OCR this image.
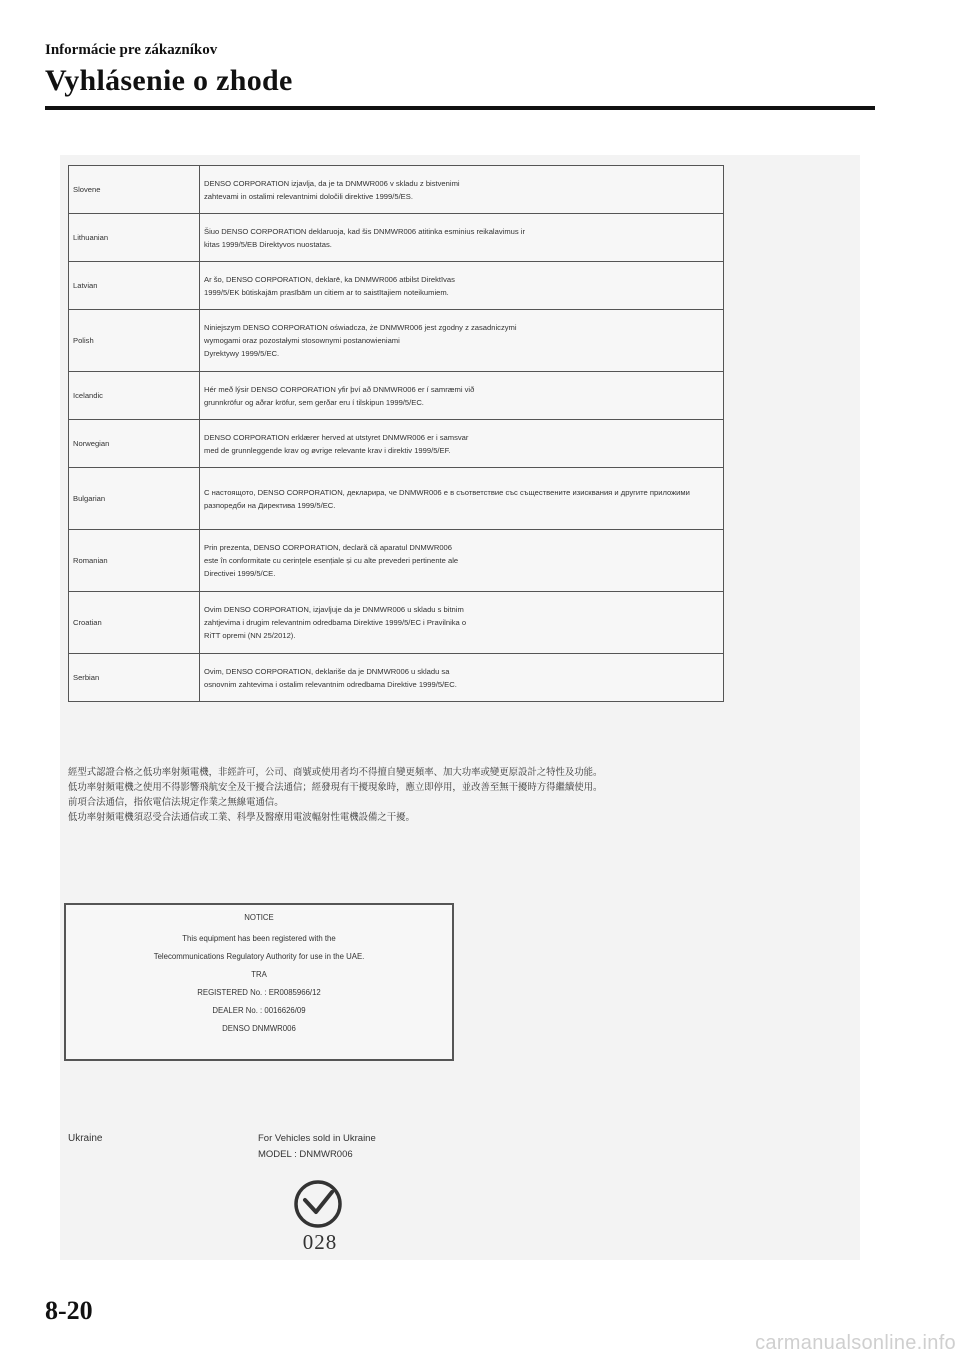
Informácie pre zákazníkov
Vyhlásenie o zhode
Slovene	DENSO CORPORATION izjavlja, da je ta DNMWR006 v skladu z bistvenimi
zahtevami in ostalimi relevantnimi določili direktive 1999/5/ES.

Lithuanian	Šiuo DENSO CORPORATION deklaruoja, kad šis DNMWR006 atitinka esminius reikalavimus ir
kitas 1999/5/EB Direktyvos nuostatas.

Latvian	Ar šo, DENSO CORPORATION, deklarē, ka DNMWR006 atbilst Direktīvas
1999/5/EK būtiskajām prasībām un citiem ar to saistītajiem noteikumiem.

Polish	Niniejszym DENSO CORPORATION oświadcza, że DNMWR006 jest zgodny z zasadniczymi
wymogami oraz pozostałymi stosownymi postanowieniami
Dyrektywy 1999/5/EC.

Icelandic	Hér með lýsir DENSO CORPORATION yfir því að DNMWR006 er í samræmi við
grunnkröfur og aðrar kröfur, sem gerðar eru í tilskipun 1999/5/EC.

Norwegian	DENSO CORPORATION erklærer herved at utstyret DNMWR006 er i samsvar
med de grunnleggende krav og øvrige relevante krav i direktiv 1999/5/EF.

Bulgarian	С настоящото, DENSO CORPORATION, декларира, че DNMWR006 е в съответствие със съществените изисквания и другите приложими разпоредби на Директива 1999/5/ЕС.

Romanian	Prin prezenta, DENSO CORPORATION, declară că aparatul DNMWR006
este în conformitate cu cerințele esențiale și cu alte prevederi pertinente ale
Directivei 1999/5/CE.

Croatian	Ovim DENSO CORPORATION, izjavljuje da je DNMWR006 u skladu s bitnim
zahtjevima i drugim relevantnim odredbama Direktive 1999/5/EC i Pravilnika o
RiTT opremi (NN 25/2012).

Serbian	Ovim, DENSO CORPORATION, deklariše da je DNMWR006 u skladu sa
osnovnim zahtevima i ostalim relevantnim odredbama Direktive 1999/5/EC.
經型式認證合格之低功率射頻電機，非經許可，公司、商號或使用者均不得擅自變更頻率、加大功率或變更原設計之特性及功能。
低功率射頻電機之使用不得影響飛航安全及干擾合法通信；經發現有干擾現象時，應立即停用，並改善至無干擾時方得繼續使用。
前項合法通信，指依電信法規定作業之無線電通信。
低功率射頻電機須忍受合法通信或工業、科學及醫療用電波輻射性電機設備之干擾。
NOTICE
This equipment has been registered with the
Telecommunications Regulatory Authority for use in the UAE.
TRA
REGISTERED No. : ER0085966/12
DEALER No. : 0016626/09
DENSO DNMWR006
Ukraine	For Vehicles sold in Ukraine
MODEL : DNMWR006
028
8-20
carmanualsonline.info
